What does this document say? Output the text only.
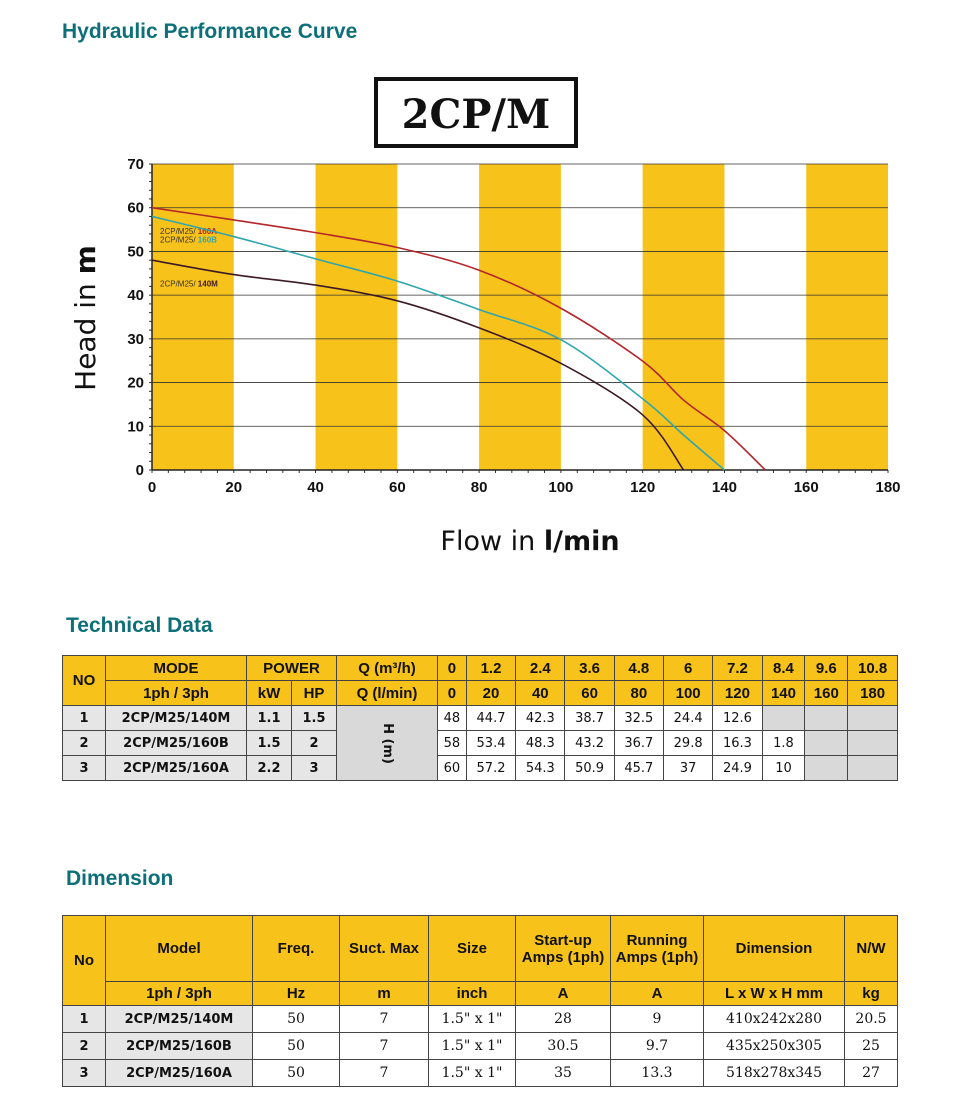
Hydraulic Performance Curve
2CP/M
0
10
20
30
40
50
60
70
0	20	40	60	80	100	120	140	160	180
Flow in l/min
Head in m
2CP/M25/ 160A
2CP/M25/ 160B
2CP/M25/ 140M
Technical Data
NO	MODE	POWER		Q (m³/h)	0	1.2	2.4	3.6	4.8	6	7.2	8.4	9.6	10.8
	1ph / 3ph	kW	HP	Q (l/min)	0	20	40	60	80	100	120	140	160	180
1	2CP/M25/140M	1.1	1.5	H (m)	48	44.7	42.3	38.7	32.5	24.4	12.6			
2	2CP/M25/160B	1.5	2		58	53.4	48.3	43.2	36.7	29.8	16.3	1.8		
3	2CP/M25/160A	2.2	3		60	57.2	54.3	50.9	45.7	37	24.9	10		
Dimension
No	Model	Freq.	Suct. Max	Size	Start-up Amps (1ph)	Running Amps (1ph)	Dimension	N/W
	1ph / 3ph	Hz	m	inch	A	A	L x W x H mm	kg
1	2CP/M25/140M	50	7	1.5" x 1"	28	9	410x242x280	20.5
2	2CP/M25/160B	50	7	1.5" x 1"	30.5	9.7	435x250x305	25
3	2CP/M25/160A	50	7	1.5" x 1"	35	13.3	518x278x345	27
